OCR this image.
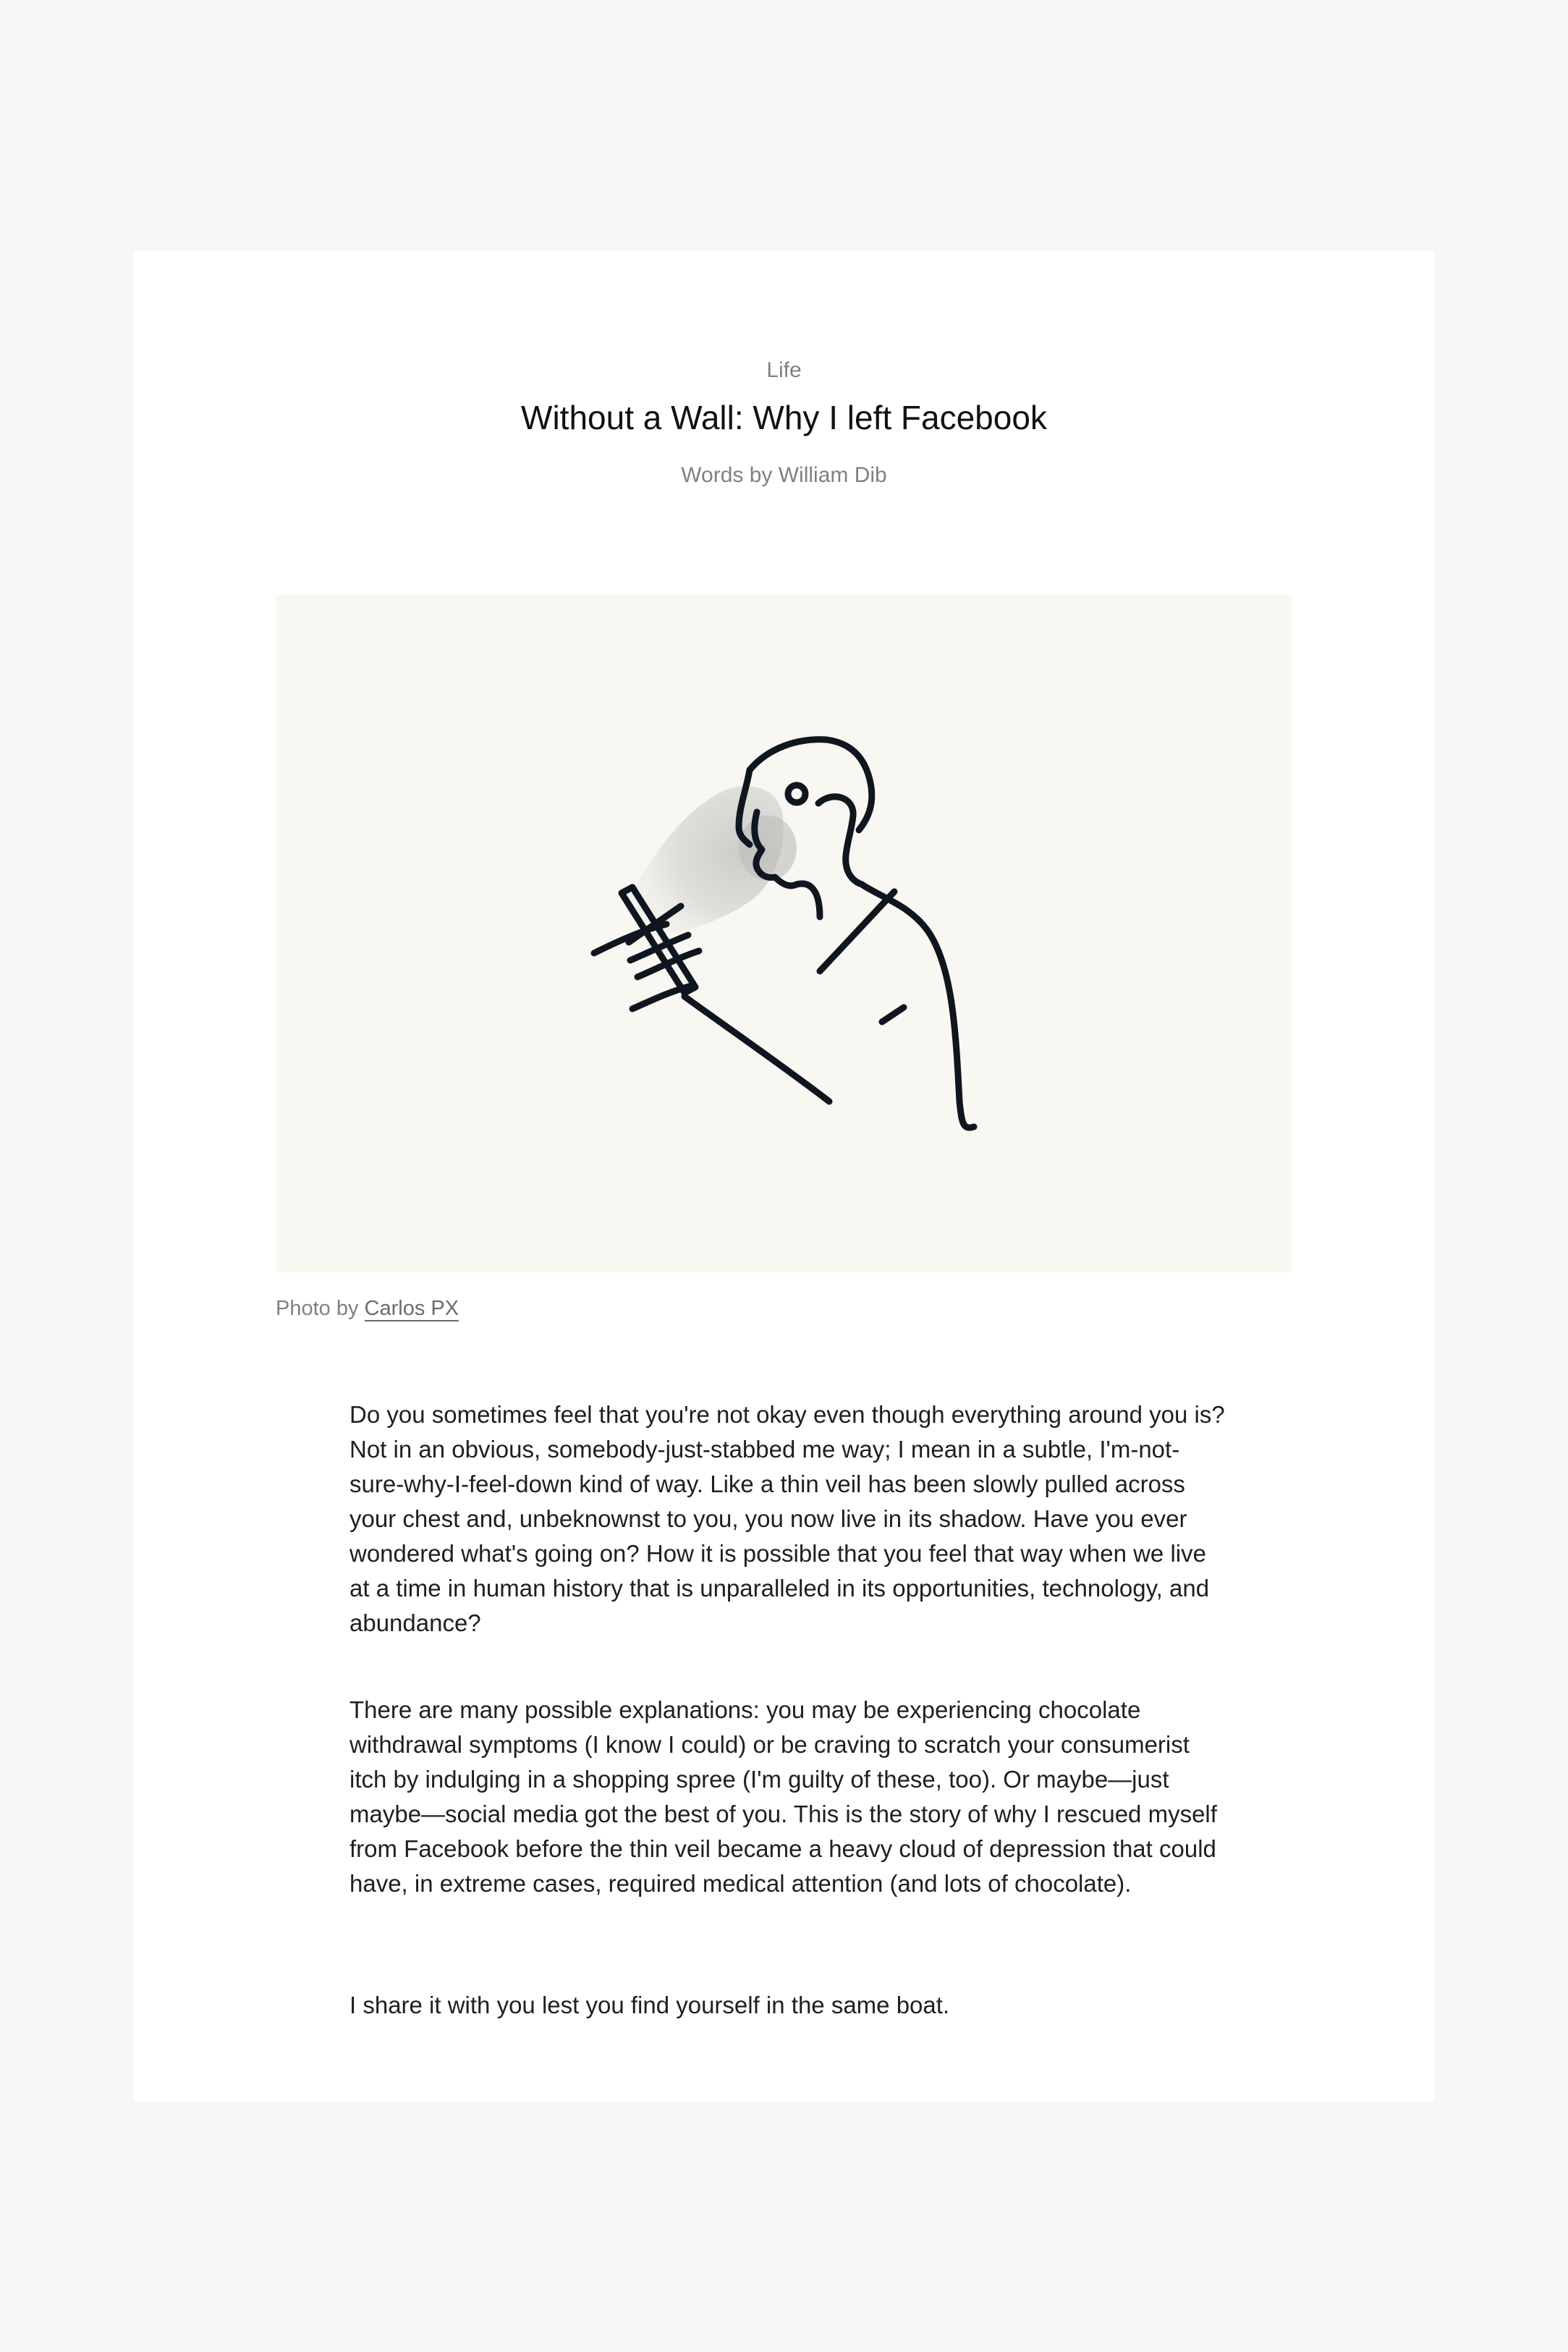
Life
Without a Wall: Why I left Facebook
Words by William Dib
Photo by Carlos PX

Do you sometimes feel that you're not okay even though everything around you is? Not in an obvious, somebody-just-stabbed me way; I mean in a subtle, I'm-not-sure-why-I-feel-down kind of way. Like a thin veil has been slowly pulled across your chest and, unbeknownst to you, you now live in its shadow. Have you ever wondered what's going on? How it is possible that you feel that way when we live at a time in human history that is unparalleled in its opportunities, technology, and abundance?

There are many possible explanations: you may be experiencing chocolate withdrawal symptoms (I know I could) or be craving to scratch your consumerist itch by indulging in a shopping spree (I'm guilty of these, too). Or maybe—just maybe—social media got the best of you. This is the story of why I rescued myself from Facebook before the thin veil became a heavy cloud of depression that could have, in extreme cases, required medical attention (and lots of chocolate).

I share it with you lest you find yourself in the same boat.
